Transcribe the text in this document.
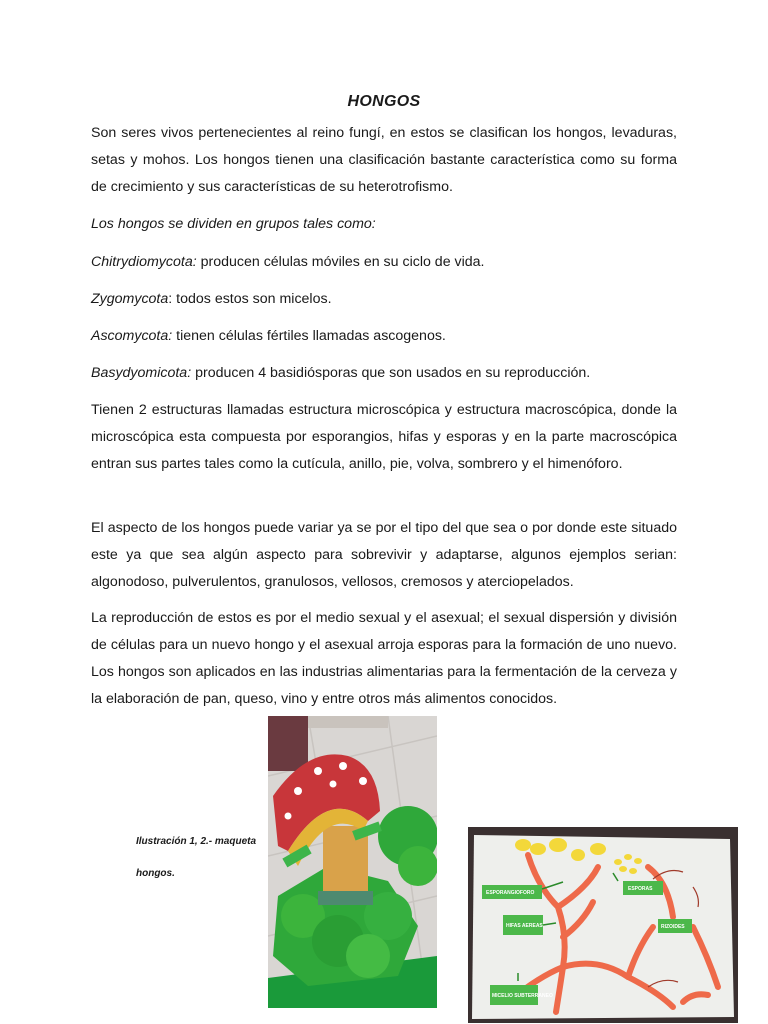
HONGOS

Son seres vivos pertenecientes al reino fungí, en estos se clasifican los hongos, levaduras, setas y mohos. Los hongos tienen una clasificación bastante característica como su forma de crecimiento y sus características de su heterotrofismo.

Los hongos se dividen en grupos tales como:

Chitrydiomycota: producen células móviles en su ciclo de vida.

Zygomycota: todos estos son micelos.

Ascomycota: tienen células fértiles llamadas ascogenos.

Basydyomicota: producen 4 basidiósporas que son usados en su reproducción.

Tienen 2 estructuras llamadas estructura microscópica y estructura macroscópica, donde la microscópica esta compuesta por esporangios, hifas y esporas y en la parte macroscópica entran sus partes tales como la cutícula, anillo, pie, volva, sombrero y el himenóforo.

El aspecto de los hongos puede variar ya se por el tipo del que sea o por donde este situado este ya que sea algún aspecto para sobrevivir y adaptarse, algunos ejemplos serian: algonodoso, pulverulentos, granulosos, vellosos, cremosos y aterciopelados.

La reproducción de estos es por el medio sexual y el asexual; el sexual dispersión y división de células para un nuevo hongo y el asexual arroja esporas para la formación de uno nuevo. Los hongos son aplicados en las industrias alimentarias para la fermentación de la cerveza y la elaboración de pan, queso, vino y entre otros más alimentos conocidos.

Ilustración 1, 2.- maqueta
hongos.
ESPORANGIOFORO
ESPORAS
HIFAS AEREAS	RIZOIDES
MICELIO SUBTERRANEO
